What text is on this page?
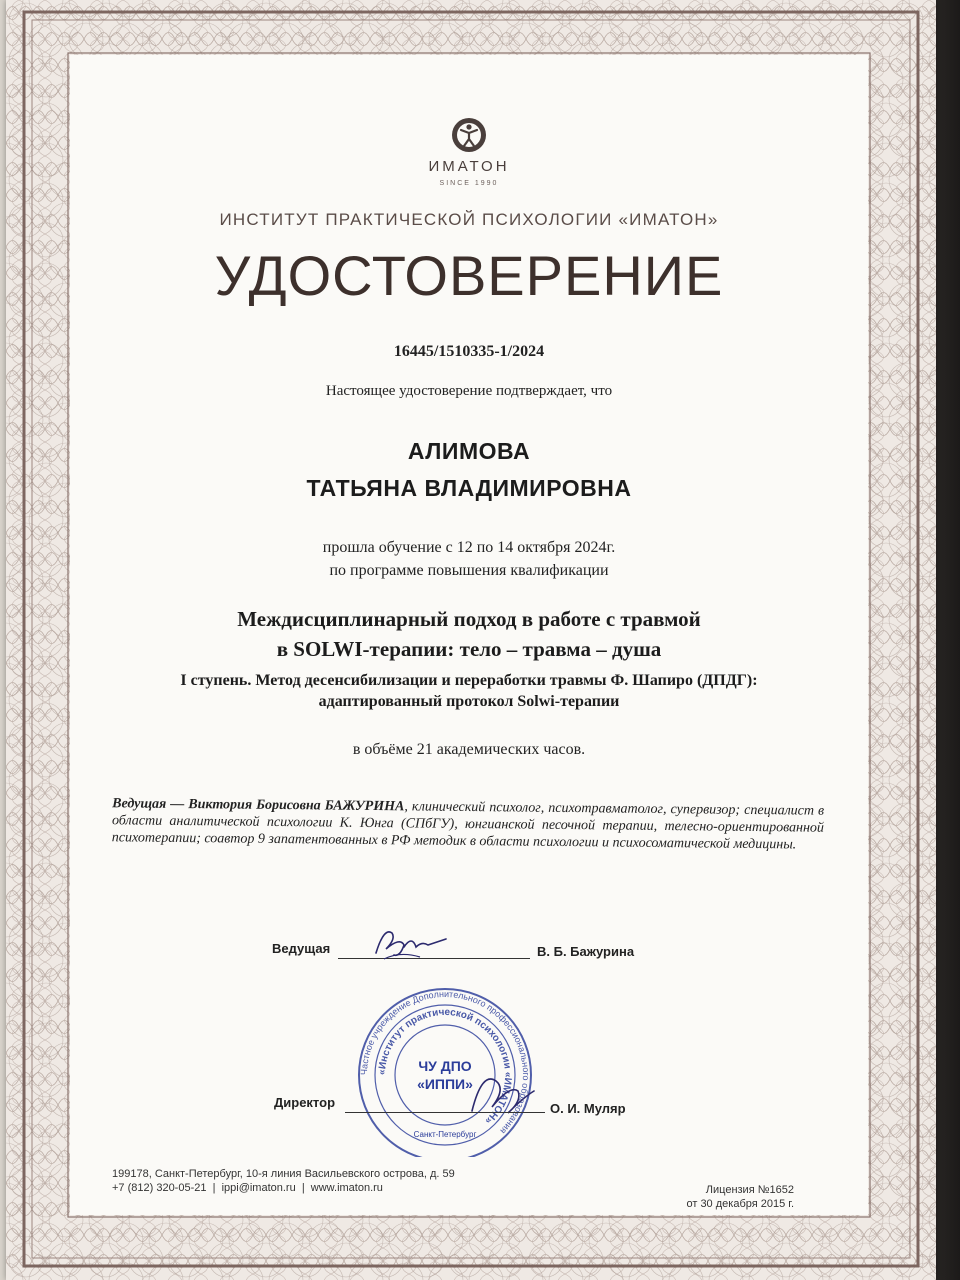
ИМАТОН
SINCE 1990
ИНСТИТУТ ПРАКТИЧЕСКОЙ ПСИХОЛОГИИ «ИМАТОН»
УДОСТОВЕРЕНИЕ
16445/1510335-1/2024
Настоящее удостоверение подтверждает, что
АЛИМОВА
ТАТЬЯНА ВЛАДИМИРОВНА
прошла обучение с 12 по 14 октября 2024г.
по программе повышения квалификации
Междисциплинарный подход в работе с травмой
в SOLWI-терапии: тело – травма – душа
I ступень. Метод десенсибилизации и переработки травмы Ф. Шапиро (ДПДГ):
адаптированный протокол Solwi-терапии
в объёме 21 академических часов.
Ведущая — Виктория Борисовна БАЖУРИНА, клинический психолог, психотравматолог, супервизор; специалист в области аналитической психологии К. Юнга (СПбГУ), юнгианской песочной терапии, телесно-ориентированной психотерапии; соавтор 9 запатентованных в РФ методик в области психологии и психосоматической медицины.
Ведущая	В. Б. Бажурина
Частное учреждение Дополнительного профессионального образования
«Институт практической психологии «ИМАТОН»
ЧУ ДПО
«ИППИ»
Санкт-Петербург
Директор	О. И. Муляр
199178, Санкт-Петербург, 10-я линия Васильевского острова, д. 59
+7 (812) 320-05-21  |  ippi@imaton.ru  |  www.imaton.ru	Лицензия №1652
от 30 декабря 2015 г.
